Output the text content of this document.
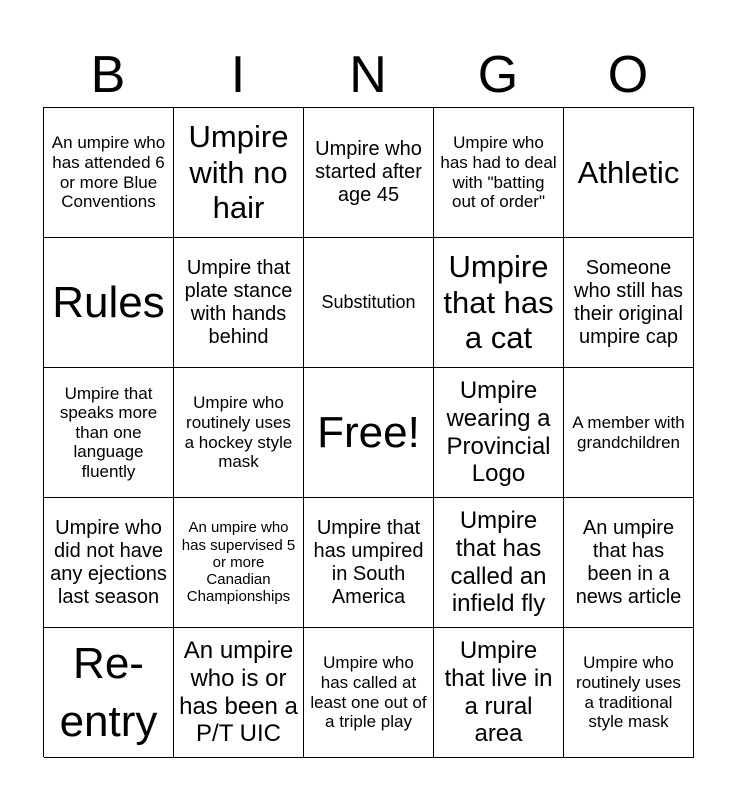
B	I	N	G	O
An umpire who has attended 6 or more Blue Conventions
Umpire with no hair
Umpire who started after age 45
Umpire who has had to deal with "batting out of order"
Athletic
Rules
Umpire that plate stance with hands behind
Substitution
Umpire that has a cat
Someone who still has their original umpire cap
Umpire that speaks more than one language fluently
Umpire who routinely uses a hockey style mask
Free!
Umpire wearing a Provincial Logo
A member with grandchildren
Umpire who did not have any ejections last season
An umpire who has supervised 5 or more Canadian Championships
Umpire that has umpired in South America
Umpire that has called an infield fly
An umpire that has been in a news article
Re-entry
An umpire who is or has been a P/T UIC
Umpire who has called at least one out of a triple play
Umpire that live in a rural area
Umpire who routinely uses a traditional style mask
